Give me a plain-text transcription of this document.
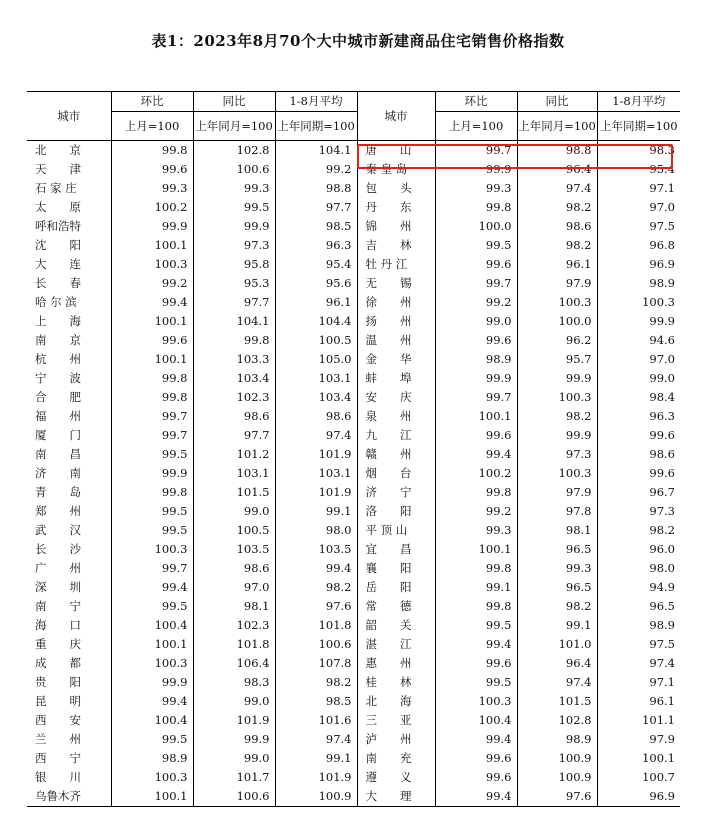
表1：2023年8月70个大中城市新建商品住宅销售价格指数
城市	环比	同比	1-8月平均	城市	环比	同比	1-8月平均
	上月=100	上年同月=100	上年同期=100		上月=100	上年同月=100	上年同期=100
北　　京	99.8	102.8	104.1	唐　　山	99.7	98.8	98.3
天　　津	99.6	100.6	99.2	秦 皇 岛	99.9	96.4	95.4
石 家 庄	99.3	99.3	98.8	包　　头	99.3	97.4	97.1
太　　原	100.2	99.5	97.7	丹　　东	99.8	98.2	97.0
呼和浩特	99.9	99.9	98.5	锦　　州	100.0	98.6	97.5
沈　　阳	100.1	97.3	96.3	吉　　林	99.5	98.2	96.8
大　　连	100.3	95.8	95.4	牡 丹 江	99.6	96.1	96.9
长　　春	99.2	95.3	95.6	无　　锡	99.7	97.9	98.9
哈 尔 滨	99.4	97.7	96.1	徐　　州	99.2	100.3	100.3
上　　海	100.1	104.1	104.4	扬　　州	99.0	100.0	99.9
南　　京	99.6	99.8	100.5	温　　州	99.6	96.2	94.6
杭　　州	100.1	103.3	105.0	金　　华	98.9	95.7	97.0
宁　　波	99.8	103.4	103.1	蚌　　埠	99.9	99.9	99.0
合　　肥	99.8	102.3	103.4	安　　庆	99.7	100.3	98.4
福　　州	99.7	98.6	98.6	泉　　州	100.1	98.2	96.3
厦　　门	99.7	97.7	97.4	九　　江	99.6	99.9	99.6
南　　昌	99.5	101.2	101.9	赣　　州	99.4	97.3	98.6
济　　南	99.9	103.1	103.1	烟　　台	100.2	100.3	99.6
青　　岛	99.8	101.5	101.9	济　　宁	99.8	97.9	96.7
郑　　州	99.5	99.0	99.1	洛　　阳	99.2	97.8	97.3
武　　汉	99.5	100.5	98.0	平 顶 山	99.3	98.1	98.2
长　　沙	100.3	103.5	103.5	宜　　昌	100.1	96.5	96.0
广　　州	99.7	98.6	99.4	襄　　阳	99.8	99.3	98.0
深　　圳	99.4	97.0	98.2	岳　　阳	99.1	96.5	94.9
南　　宁	99.5	98.1	97.6	常　　德	99.8	98.2	96.5
海　　口	100.4	102.3	101.8	韶　　关	99.5	99.1	98.9
重　　庆	100.1	101.8	100.6	湛　　江	99.4	101.0	97.5
成　　都	100.3	106.4	107.8	惠　　州	99.6	96.4	97.4
贵　　阳	99.9	98.3	98.2	桂　　林	99.5	97.4	97.1
昆　　明	99.4	99.0	98.5	北　　海	100.3	101.5	96.1
西　　安	100.4	101.9	101.6	三　　亚	100.4	102.8	101.1
兰　　州	99.5	99.9	97.4	泸　　州	99.4	98.9	97.9
西　　宁	98.9	99.0	99.1	南　　充	99.6	100.9	100.1
银　　川	100.3	101.7	101.9	遵　　义	99.6	100.9	100.7
乌鲁木齐	100.1	100.6	100.9	大　　理	99.4	97.6	96.9
